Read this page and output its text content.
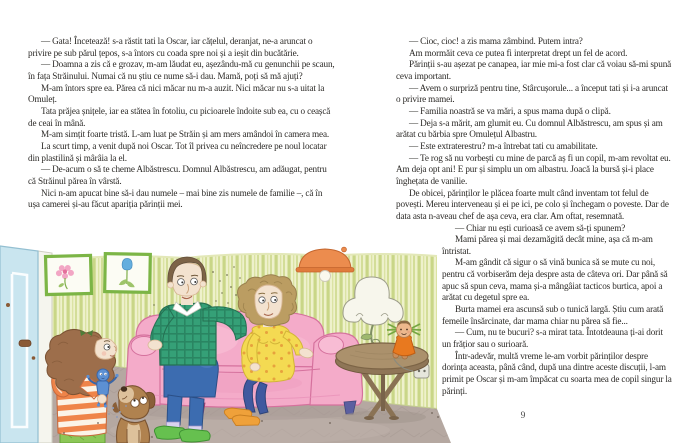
— Gata! Încetează! s-a răstit tati la Oscar, iar cățelul, deranjat, ne-a aruncat o privire pe sub părul țepos, s-a întors cu coada spre noi și a ieșit din bucătărie.

— Doamna a zis că e grozav, m-am lăudat eu, așezându-mă cu genunchii pe scaun, în fața Străinului. Numai că nu știu ce nume să-i dau. Mamă, poți să mă ajuți?

M-am întors spre ea. Părea că nici măcar nu m-a auzit. Nici măcar nu s-a uitat la Omuleț.

Tata prăjea șnițele, iar ea stătea în fotoliu, cu picioarele îndoite sub ea, cu o ceașcă de ceai în mână.

M-am simțit foarte tristă. L-am luat pe Străin și am mers amândoi în camera mea.

La scurt timp, a venit după noi Oscar. Tot îl privea cu neîncredere pe noul locatar din plastilină și mârâia la el.

— De-acum o să te cheme Albăstrescu. Domnul Albăstrescu, am adăugat, pentru că Străinul părea în vârstă.

Nici n-am apucat bine să-i dau numele – mai bine zis numele de familie –, că în ușa camerei și-au făcut apariția părinții mei.

— Cioc, cioc! a zis mama zâmbind. Putem intra?

Am mormăit ceva ce putea fi interpretat drept un fel de acord.

Părinții s-au așezat pe canapea, iar mie mi-a fost clar că voiau să-mi spună ceva important.

— Avem o surpriză pentru tine, Stârcușorule... a început tati și i-a aruncat o privire mamei.

— Familia noastră se va mări, a spus mama după o clipă.

— Deja s-a mărit, am glumit eu. Cu domnul Albăstrescu, am spus și am arătat cu bărbia spre Omulețul Albastru.

— Este extraterestru? m-a întrebat tati cu amabilitate.

— Te rog să nu vorbești cu mine de parcă aș fi un copil, m-am revoltat eu. Am deja opt ani! E pur și simplu un om albastru. Joacă la bursă și-i place înghețata de vanilie.

De obicei, părinților le plăcea foarte mult când inventam tot felul de povești. Mereu interveneau și ei pe ici, pe colo și închegam o poveste. Dar de data asta n-aveau chef de așa ceva, era clar. Am oftat, resemnată.

— Chiar nu ești curioasă ce avem să-ți spunem?

Mami părea și mai dezamăgită decât mine, așa că m-am întristat.

M-am gândit că sigur o să vină bunica să se mute cu noi, pentru că vorbiserăm deja despre asta de câteva ori. Dar până să apuc să spun ceva, mama și-a mângâiat tacticos burtica, apoi a arătat cu degetul spre ea.

Burta mamei era ascunsă sub o tunică largă. Știu cum arată femeile însărcinate, dar mama chiar nu părea să fie...

— Cum, nu te bucuri? s-a mirat tata. Întotdeauna ți-ai dorit un frățior sau o surioară.

Într-adevăr, multă vreme le-am vorbit părinților despre dorința aceasta, până când, după una dintre aceste discuții, l-am primit pe Oscar și m-am împăcat cu soarta mea de copil singur la părinți.

9
